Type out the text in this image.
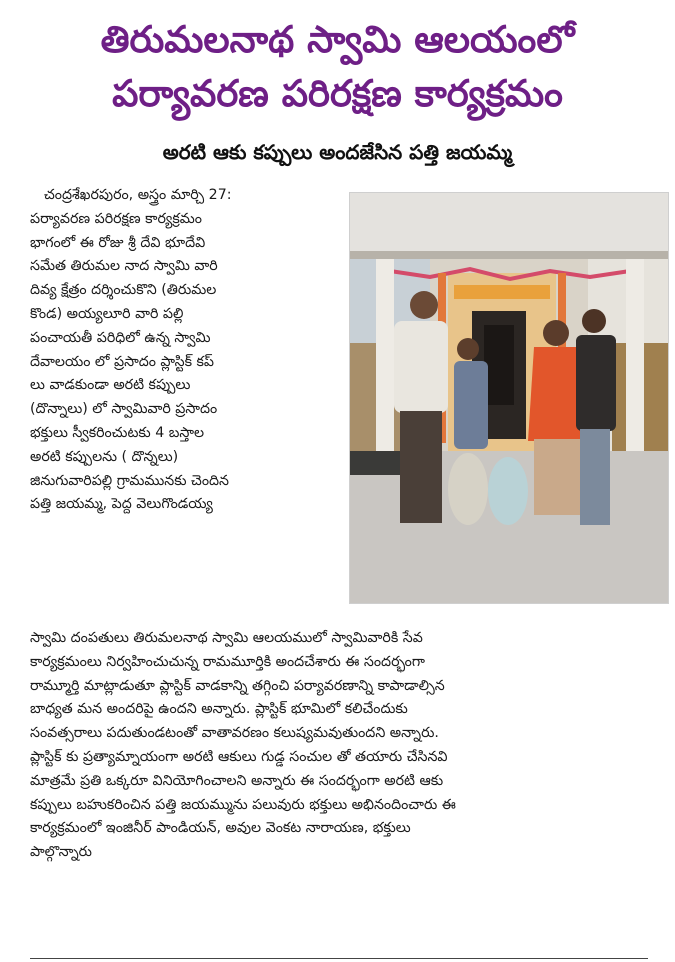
తిరుమలనాథ స్వామి ఆలయంలో
పర్యావరణ పరిరక్షణ కార్యక్రమం
అరటి ఆకు కప్పులు అందజేసిన పత్తి జయమ్మ
చంద్రశేఖరపురం, అస్త్రం మార్చి 27:
పర్యావరణ పరిరక్షణ కార్యక్రమం
భాగంలో ఈ రోజు శ్రీ దేవి భూదేవి
సమేత తిరుమల నాద స్వామి వారి
దివ్య క్షేత్రం దర్శించుకొని (తిరుమల
కొండ) అయ్యలూరి వారి పల్లి
పంచాయతీ పరిధిలో ఉన్న స్వామి
దేవాలయం లో ప్రసాదం ప్లాస్టిక్ కప్
లు వాడకుండా అరటి కప్పులు
(దొన్నాలు) లో స్వామివారి ప్రసాదం
భక్తులు స్వీకరించుటకు 4 బస్తాల
అరటి కప్పులను ( దొన్నలు)
జినుగువారిపల్లి గ్రామమునకు చెందిన
పత్తి జయమ్మ, పెద్ద వెలుగొండయ్య
స్వామి దంపతులు తిరుమలనాథ స్వామి ఆలయములో స్వామివారికి సేవ
కార్యక్రమంలు నిర్వహించుచున్న రామమూర్తికి అందచేశారు ఈ సందర్భంగా
రామ్మూర్తి మాట్లాడుతూ ప్లాస్టిక్ వాడకాన్ని తగ్గించి పర్యావరణాన్ని కాపాడాల్సిన
బాధ్యత మన అందరిపై ఉందని అన్నారు. ప్లాస్టిక్ భూమిలో కలిచేందుకు
సంవత్సరాలు పదుతుండటంతో వాతావరణం కలుష్యమవుతుందని అన్నారు.
ప్లాస్టిక్ కు ప్రత్యామ్నాయంగా అరటి ఆకులు గుడ్డ సంచుల తో తయారు చేసినవి
మాత్రమే ప్రతి ఒక్కరూ వినియోగించాలని అన్నారు ఈ సందర్భంగా అరటి ఆకు
కప్పులు బహుకరించిన పత్తి జయమ్మును పలువురు భక్తులు అభినందించారు ఈ
కార్యక్రమంలో ఇంజినీర్ పాండియన్, అవుల వెంకట నారాయణ, భక్తులు
పాల్గొన్నారు
